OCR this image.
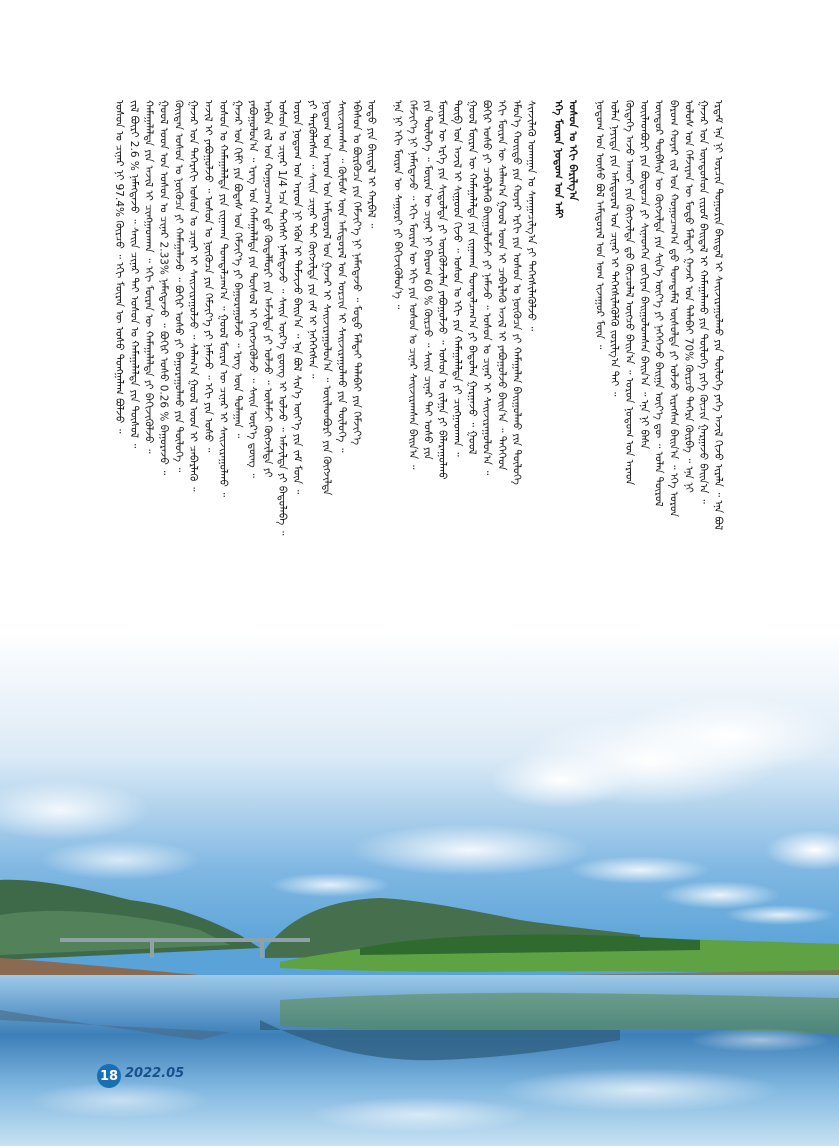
ᠤᠰᠤᠨ ᠤ ᠴᠢᠨᠠᠷ ᠨᠢ 97.4% ᠬᠦᠷᠴᠦ ᠃ ᠡᠬᠢ ᠮᠥᠷᠡᠨ ᠦ ᠤᠰᠤ ᠲᠣᠩᠭᠠᠯᠠᠭ ᠪᠣᠯᠵᠤ ᠃ ᠵᠢᠯ ᠪᠦᠷᠢ 2.6 % ᠨᠡᠮᠡᠭᠳᠡᠵᠦ ᠃ ᠰᠠᠢᠨ ᠴᠢᠨᠠᠷ ᠲᠠᠢ ᠤᠰᠤᠨ ᠤ ᠬᠠᠮᠠᠭᠠᠯᠠᠯᠲᠠ ᠶᠢᠨ ᠲᠥᠰᠥᠯ ᠃ ᠬᠠᠮᠠᠭᠠᠯᠠᠯᠲᠠ ᠶᠢᠨ ᠠᠵᠢᠯ ᠢ ᠴᠢᠩᠭᠠᠳᠬᠠᠨ ᠃ ᠡᠬᠢ ᠮᠥᠷᠡᠨ ᠦ ᠬᠠᠮᠠᠭᠠᠯᠠᠯᠲᠠ ᠶᠢ ᠪᠡᠬᠢᠵᠢᠭᠦᠯᠵᠦ ᠃ ᠭᠣᠣᠯ ᠤᠳ ᠤᠨ ᠤᠰᠤᠨ ᠤ ᠴᠢᠨᠠᠷ 2.33% ᠨᠡᠮᠡᠭᠳᠡᠵᠦ ᠃ ᠪᠣᠬᠢᠷ ᠤᠰᠤ 0.26 % ᠪᠠᠭᠤᠷᠠᠵᠤ ᠃ ᠬᠦᠢᠲᠡᠨ ᠤᠰᠤᠨ ᠤ ᠨᠥᠭᠥᠴᠡ ᠶᠢ ᠬᠠᠮᠠᠭᠠᠯᠠᠵᠤ ᠃ ᠪᠣᠬᠢᠷ ᠤᠰᠤ ᠶᠢ ᠪᠠᠭᠤᠷᠠᠭᠤᠯᠬᠤ ᠶᠢᠨ ᠲᠥᠯᠥᠭᠡ ᠃ ᠭᠠᠵᠠᠷ ᠤᠨ ᠳᠡᠭᠡᠷᠡᠬᠢ ᠤᠰᠤᠨ ᠤ ᠴᠢᠨᠠᠷ ᠢ ᠰᠠᠢᠵᠢᠷᠠᠭᠤᠯᠵᠤ ᠃ ᠰᠠᠯᠠᠭ᠎ᠠ ᠭᠣᠣᠯ ᠤᠳ ᠢ ᠴᠡᠪᠡᠷᠯᠡᠬᠦ ᠃ ᠠᠵᠢᠯ ᠢ ᠶᠠᠪᠤᠭᠤᠯᠵᠤ ᠃ ᠤᠰᠤᠨ ᠤ ᠨᠥᠭᠥᠴᠡ ᠶᠢᠨ ᠬᠡᠮᠵᠢᠶ᠎ᠡ ᠶᠢ ᠨᠡᠮᠡᠵᠦ ᠃ ᠡᠬᠢ ᠶᠢᠨ ᠤᠰᠤ ᠃ ᠤᠰᠤᠨ ᠤ ᠬᠠᠮᠠᠭᠠᠯᠠᠯᠲᠠ ᠶᠢᠨ ᠵᠢᠭᠠᠬᠠᠨ ᠲᠣᠭᠲᠠᠯᠴᠠᠭ᠎ᠠ ᠃ ᠭᠣᠣᠯ ᠮᠥᠷᠡᠨ ᠦ ᠴᠢᠨᠠᠷ ᠢ ᠰᠠᠢᠵᠢᠷᠠᠭᠤᠯᠬᠤ ᠃ ᠭᠠᠵᠠᠷ ᠤᠨ ᠬᠢᠮᠢ ᠶᠢᠨ ᠪᠣᠳᠠᠰ ᠤᠨ ᠬᠡᠮᠵᠢᠶ᠎ᠡ ᠶᠢ ᠪᠠᠭᠤᠷᠠᠭᠤᠯᠵᠤ ᠃ ᠡᠷᠡᠭ ᠦᠨ ᠳᠤᠯᠠᠭᠠᠨ ᠃ ᠶᠠᠪᠤᠭᠤᠯᠤᠨ᠎ᠠ ᠃ ᠡᠷᠡᠭ ᠤᠨ ᠬᠠᠮᠠᠭᠠᠯᠠᠯᠲᠠ ᠶᠢᠨ ᠲᠥᠰᠥᠯ ᠢ ᠬᠡᠷᠡᠭᠵᠢᠭᠦᠯᠵᠦ ᠃ ᠰᠠᠢᠨ ᠦᠷ᠎ᠡ ᠳ᠋ᠦᠩ ᠃ ᠠᠷᠪᠠᠨ ᠵᠢᠯ ᠤᠨ ᠬᠤᠭᠤᠴᠠᠭ᠎ᠠ ᠳ᠋ᠤ ᠬᠥᠳᠡᠯᠮᠦᠷᠢ ᠶᠢᠨ ᠠᠮᠵᠢᠯᠲᠠ ᠶᠢ ᠣᠯᠵᠤ ᠃ ᠦᠯᠡᠮᠵᠢ ᠬᠥᠭᠵᠢᠯᠲᠡ ᠶᠢ ᠤᠰᠤᠨ ᠤ ᠴᠢᠨᠠᠷ 1/4 ᠡᠴᠡ ᠳᠡᠭᠡᠭᠰᠢ ᠨᠡᠮᠡᠭᠳᠡᠵᠦ ᠃ ᠰᠠᠢᠨ ᠦᠷ᠎ᠡ ᠳ᠋ᠦᠩ ᠢ ᠣᠯᠵᠤ ᠃ ᠠᠮᠵᠢᠯᠲᠠ ᠶᠢ ᠪᠠᠲᠤᠯᠠᠪᠠ ᠃ ᠣᠷᠣᠨ ᠨᠤᠲᠤᠭ ᠤᠨ ᠠᠷᠠᠳ ᠨᠢ ᠡᠭᠦᠨ ᠢ ᠳᠡᠮᠵᠢᠵᠦ ᠪᠠᠢᠨ᠎ᠠ ᠃ ᠡᠨᠡ ᠪᠣᠯ ᠰᠢᠨ᠎ᠡ ᠦᠶ᠎ᠡ ᠶᠢᠨ ᠵᠠᠮ ᠮᠥᠨ ᠃ ᠶᠢ ᠲᠡᠷᠭᠦᠯᠡᠭᠰᠡᠨ ᠃ ᠰᠠᠢᠨ ᠴᠢᠨᠠᠷ ᠲᠠᠢ ᠬᠥᠭᠵᠢᠯᠲᠡ ᠶᠢᠨ ᠵᠠᠮ ᠢ ᠨᠡᠭᠡᠭᠡᠭᠰᠡᠨ ᠃ ᠨᠤᠲᠤᠭ ᠤᠨ ᠠᠷᠠᠳ ᠤᠨ ᠠᠮᠢᠳᠤᠷᠠᠯ ᠤᠨ ᠭᠠᠵᠠᠷ ᠢ ᠰᠠᠢᠵᠢᠷᠠᠭᠤᠯᠤᠨ᠎ᠠ ᠃ ᠦᠢᠯᠡᠳᠪᠦᠷᠢ ᠶᠢᠨ ᠬᠥᠭᠵᠢᠯᠲᠡ ᠰᠠᠢᠵᠢᠷᠠᠭᠰᠠᠨ ᠃ ᠬᠥᠮᠦᠰ ᠦᠨ ᠠᠮᠢᠳᠤᠷᠠᠯ ᠤᠨ ᠣᠷᠴᠢᠨ ᠢ ᠰᠠᠢᠵᠢᠷᠠᠭᠤᠯᠬᠤ ᠶᠢᠨ ᠲᠥᠯᠥᠭᠡ ᠃ ᠡᠪᠡᠰᠦᠨ ᠤ ᠪᠦᠷᠬᠦᠴᠡ ᠶᠢᠨ ᠬᠡᠮᠵᠢᠶ᠎ᠡ ᠨᠢ ᠨᠡᠮᠡᠭᠳᠡᠵᠦ ᠃ ᠮᠣᠳᠣ ᠮᠠᠯᠲᠠᠢ ᠳᠠᠯᠠᠪᠠᠢ ᠶᠢᠨ ᠬᠡᠮᠵᠢᠶ᠎ᠡ ᠣᠳᠣ ᠶᠢᠨ ᠪᠠᠢᠳᠠᠯ ᠢ ᠬᠠᠷᠪᠠᠯ ᠃ ᠡᠨᠡ ᠨᠢ ᠡᠬᠢ ᠮᠥᠷᠡᠨ ᠦ ᠰᠠᠭᠤᠷᠢ ᠶᠢ ᠪᠡᠬᠢᠵᠢᠭᠦᠯᠦᠨ᠎ᠡ ᠃ ᠬᠡᠮᠵᠢᠶ᠎ᠡ ᠨᠢ ᠨᠡᠮᠡᠭᠳᠡᠵᠦ ᠃ ᠡᠬᠢ ᠮᠥᠷᠡᠨ ᠦ ᠡᠬᠢ ᠶᠢᠨ ᠤᠰᠤᠨ ᠤ ᠴᠢᠨᠠᠷ ᠰᠠᠢᠵᠢᠷᠠᠭᠰᠠᠨ ᠪᠠᠢᠨ᠎ᠠ ᠃ ᠶᠢᠨ ᠲᠥᠯᠥᠭᠡ ᠃ ᠮᠥᠷᠡᠨ ᠦ ᠴᠢᠨᠠᠷ ᠨᠢ ᠪᠠᠷᠤᠭ 60 % ᠬᠦᠷᠴᠦ ᠃ ᠰᠠᠢᠨ ᠴᠢᠨᠠᠷ ᠲᠠᠢ ᠤᠰᠤ ᠶᠢᠨ ᠮᠥᠷᠡᠨ ᠦ ᠡᠷᠭᠡ ᠶᠢᠨ ᠰᠢᠳᠦᠯᠲᠡ ᠶᠢ ᠦᠷᠭᠦᠯᠵᠢᠯᠡᠨ ᠶᠠᠪᠤᠭᠤᠯᠵᠤ ᠃ ᠤᠰᠤᠨ ᠤ ᠵᠢᠯᠭᠠ ᠶᠢ ᠪᠠᠯᠠᠷᠠᠭᠤᠯᠬᠤ ᠲᠥᠪ ᠤᠨ ᠠᠵᠢᠯ ᠢ ᠰᠢᠭᠤᠳ ᠬᠢᠵᠦ ᠃ ᠤᠰᠤᠨ ᠤ ᠡᠬᠢ ᠶᠢᠨ ᠬᠠᠮᠠᠭᠠᠯᠠᠯᠲᠠ ᠶᠢ ᠴᠢᠩᠭᠠᠳᠬᠠᠨ ᠃ ᠭᠣᠣᠯ ᠮᠥᠷᠡᠨ ᠦ ᠬᠠᠮᠠᠭᠠᠯᠠᠯᠲᠠ ᠶᠢᠨ ᠵᠢᠭᠠᠬᠠᠨ ᠲᠣᠭᠲᠠᠯᠴᠠᠭ᠎ᠠ ᠶᠢ ᠪᠠᠲᠤᠯᠠᠨ ᠭᠠᠷᠭᠠᠵᠤ ᠃ ᠭᠣᠣᠯ ᠪᠣᠬᠢᠷ ᠤᠰᠤ ᠶᠢ ᠴᠡᠪᠡᠷᠯᠡᠬᠦ ᠪᠠᠢᠭᠤᠯᠤᠮᠵᠢ ᠶᠢ ᠨᠡᠮᠡᠵᠦ ᠃ ᠤᠰᠤᠨ ᠤ ᠴᠢᠨᠠᠷ ᠢ ᠰᠠᠢᠵᠢᠷᠠᠭᠤᠯᠤᠨ᠎ᠠ ᠃ ᠡᠬᠢ ᠮᠥᠷᠡᠨ ᠦ ᠰᠠᠯᠠᠭ᠎ᠠ ᠭᠣᠣᠯ ᠤᠳ ᠢ ᠴᠡᠪᠡᠷᠯᠡᠬᠦ ᠠᠵᠢᠯ ᠢ ᠶᠠᠪᠤᠭᠤᠯᠵᠤ ᠪᠠᠢᠨ᠎ᠠ ᠃ ᠲᠡᠭᠡᠭᠡᠳ ᠡᠮᠦᠨ᠎ᠡ ᠬᠣᠢᠲᠤ ᠶᠢᠨ ᠬᠣᠶᠠᠷ ᠡᠷᠭᠢ ᠶᠢᠨ ᠤᠰᠤᠨ ᠤ ᠨᠥᠭᠥᠴᠡ ᠶᠢ ᠬᠠᠮᠠᠭᠠᠯᠠᠨ ᠪᠠᠢᠭᠤᠯᠬᠤ ᠶᠢᠨ ᠲᠥᠯᠥᠭᠡ ᠰᠢᠨᠵᠢᠯᠡᠬᠦ ᠤᠬᠠᠭᠠᠨ ᠤ ᠰᠠᠨᠠᠭᠠᠴᠢᠯᠭ᠎ᠠ ᠶᠢ ᠳᠡᠭᠡᠭᠰᠢᠯᠡᠭᠦᠯᠵᠦ ᠃ ᠡᠬᠡ ᠮᠥᠷᠡᠨ ᠨᠤᠲᠤᠭ ᠤᠨ ᠠᠮᠢ ᠤᠰᠤᠨ ᠤ ᠡᠬᠢ ᠪᠠᠷᠢᠯᠭ᠎ᠠ ᠨᠤᠲᠤᠭ ᠤᠨ ᠦᠰᠦ ᠪᠣᠯ ᠠᠮᠢᠳᠤᠷᠠᠯ ᠤᠨ ᠤᠭ ᠢᠵᠠᠭᠤᠷ ᠮᠥᠨ ᠃ ᠣᠯᠠᠨ ᠨᠡᠶᠢᠲᠡ ᠶᠢᠨ ᠠᠮᠢᠳᠤᠷᠠᠯ ᠤᠨ ᠴᠢᠨᠠᠷ ᠢ ᠳᠡᠭᠡᠭᠰᠢᠯᠡᠭᠦᠯᠬᠦ ᠵᠣᠷᠢᠯᠭ᠎ᠠ ᠲᠠᠢ ᠃ ᠬᠥᠳᠡᠭᠡ ᠠᠵᠤ ᠠᠬᠤᠢ ᠶᠢᠨ ᠬᠥᠭᠵᠢᠯᠲᠡ ᠳ᠋ᠤ ᠬᠦᠴᠦᠯᠡᠯ ᠥᠭᠴᠦ ᠪᠠᠢᠨ᠎ᠠ ᠃ ᠣᠷᠣᠨ ᠨᠤᠲᠤᠭ ᠤᠨ ᠠᠷᠠᠳ ᠦᠢᠯᠡᠳᠪᠦᠷᠢ ᠶᠢᠨ ᠪᠦᠲᠦᠴᠡ ᠶᠢ ᠰᠢᠨᠡᠳᠬᠡᠨ ᠵᠣᠬᠢᠶᠠᠨ ᠪᠠᠢᠭᠤᠯᠤᠭᠰᠠᠨ ᠪᠠᠢᠨ᠎ᠠ ᠃ ᠡᠨᠡ ᠨᠢ ᠪᠠᠰᠠ ᠥᠨᠳᠦᠷ ᠲᠦᠪᠰᠢᠨ ᠦ ᠬᠥᠭᠵᠢᠯᠲᠡ ᠶᠢᠨ ᠰᠢᠨ᠎ᠡ ᠦᠶ᠎ᠡ ᠶᠢ ᠨᠡᠭᠡᠭᠡᠵᠦ ᠪᠠᠢᠭᠠ ᠦᠶ᠎ᠡ ᠳᠦ ᠃ ᠣᠯᠠᠨ ᠲᠥᠷᠥᠯ ᠪᠠᠷᠤᠭ ᠬᠣᠶᠠᠷ ᠵᠢᠯ ᠤᠨ ᠬᠤᠭᠤᠴᠠᠭ᠎ᠠ ᠳ᠋ᠤ ᠲᠣᠭᠲᠠᠮᠠᠯ ᠥᠰᠦᠯᠲᠡ ᠶᠢ ᠣᠯᠵᠤ ᠢᠷᠡᠭᠰᠡᠨ ᠪᠠᠢᠨ᠎ᠠ ᠃ ᠡᠬᠡ ᠣᠷᠣᠨ ᠤᠯᠤᠰ ᠤᠨ ᠬᠡᠮᠵᠢᠶᠡᠨ ᠦ ᠮᠣᠳᠣ ᠮᠠᠯᠲᠠᠢ ᠭᠠᠵᠠᠷ ᠤᠨ ᠲᠠᠯᠠᠪᠠᠢ 70% ᠬᠦᠷᠴᠦ ᠳᠡᠭᠡᠷᠡ ᠬᠦᠷᠪᠡ ᠃ ᠡᠨᠡ ᠨᠢ ᠭᠠᠵᠠᠷ ᠤᠨ ᠦᠨᠳᠦᠰᠦᠨ ᠵᠢᠷᠤᠮ ᠪᠠᠢᠳᠠᠯ ᠢ ᠬᠠᠮᠠᠭᠠᠯᠠᠬᠤ ᠶᠢᠨ ᠲᠥᠯᠥᠭᠡ ᠶᠢᠬᠡ ᠬᠦᠴᠢᠨ ᠭᠠᠷᠭᠠᠵᠤ ᠪᠠᠢᠨ᠎ᠠ ᠃ ᠡᠷᠲᠡᠮ ᠡᠨᠡ ᠨᠢ ᠣᠷᠴᠢᠨ ᠲᠣᠭᠣᠷᠢᠨ ᠪᠠᠢᠳᠠᠯ ᠢ ᠰᠠᠢᠵᠢᠷᠠᠭᠤᠯᠬᠤ ᠶᠢᠨ ᠲᠥᠯᠥᠭᠡ ᠶᠡᠬᠡ ᠠᠵᠢᠯ ᠬᠢᠵᠦ ᠢᠷᠡᠯᠡ ᠃ ᠡᠨᠡ ᠪᠣᠯ
18 2022.05
